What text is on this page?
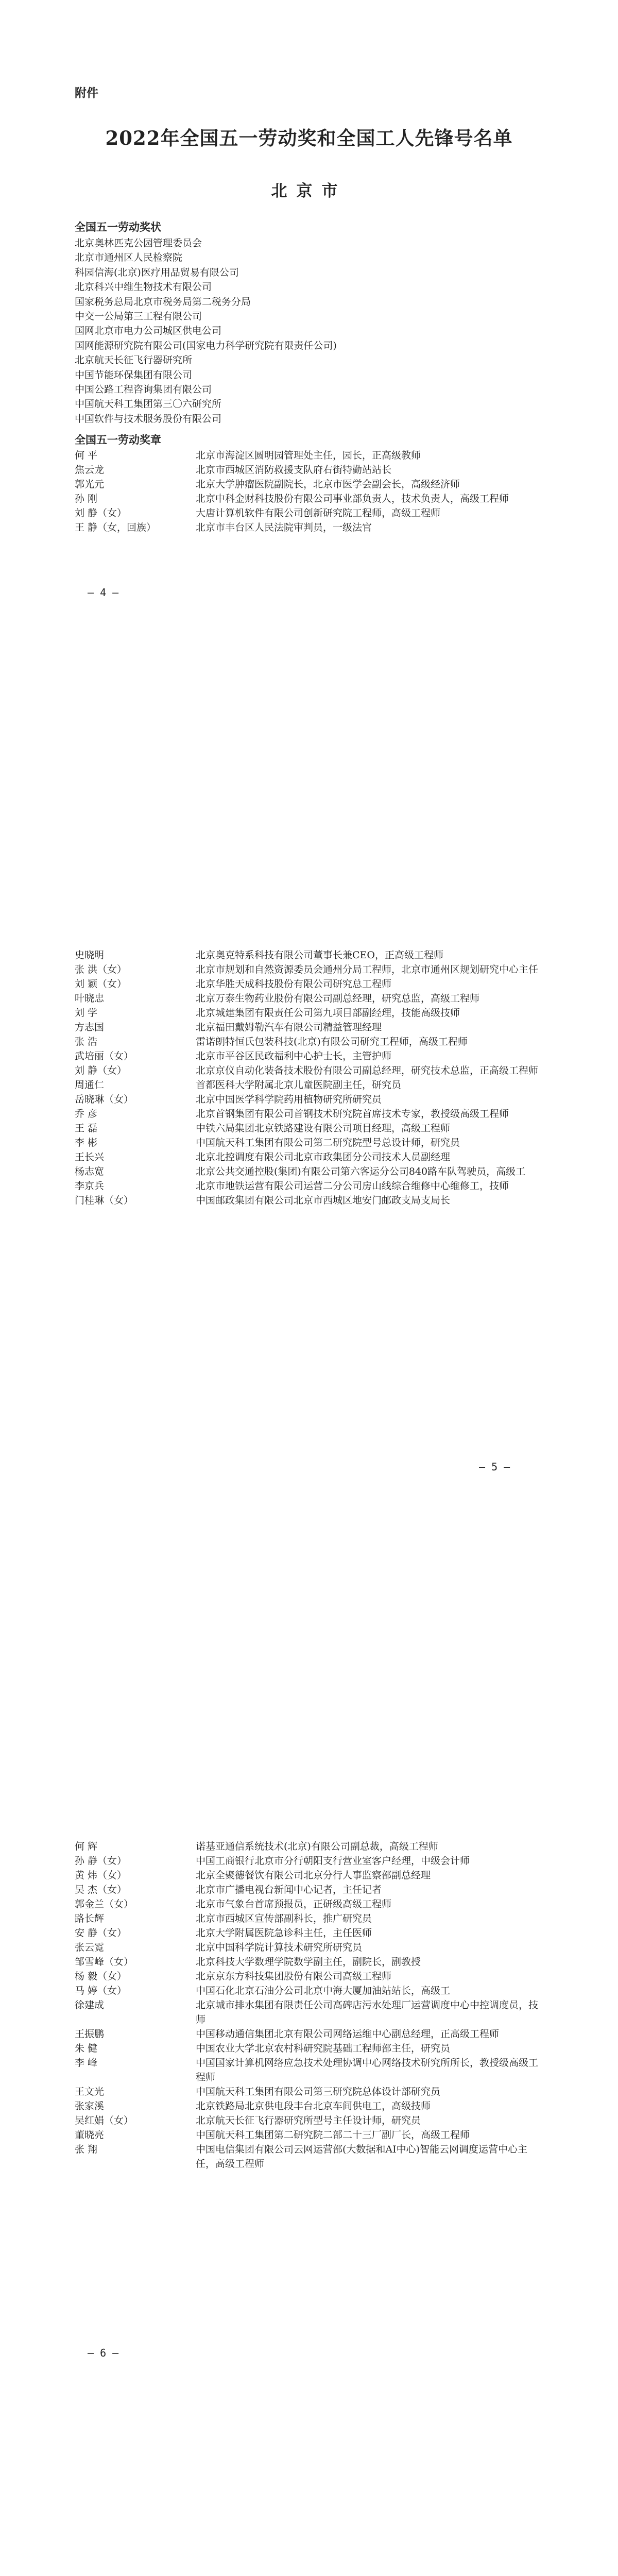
附件
2022年全国五一劳动奖和全国工人先锋号名单
北京市
全国五一劳动奖状
北京奥林匹克公园管理委员会
北京市通州区人民检察院
科园信海(北京)医疗用品贸易有限公司
北京科兴中维生物技术有限公司
国家税务总局北京市税务局第二税务分局
中交一公局第三工程有限公司
国网北京市电力公司城区供电公司
国网能源研究院有限公司(国家电力科学研究院有限责任公司)
北京航天长征飞行器研究所
中国节能环保集团有限公司
中国公路工程咨询集团有限公司
中国航天科工集团第三〇六研究所
中国软件与技术服务股份有限公司
全国五一劳动奖章
何 平	北京市海淀区圆明园管理处主任，园长，正高级教师
焦云龙	北京市西城区消防救援支队府右街特勤站站长
郭光元	北京大学肿瘤医院副院长，北京市医学会副会长，高级经济师
孙 刚	北京中科金财科技股份有限公司事业部负责人，技术负责人，高级工程师
刘 静（女）	大唐计算机软件有限公司创新研究院工程师，高级工程师
王 静（女，回族）	北京市丰台区人民法院审判员，一级法官
— 4 —
史晓明	北京奥克特系科技有限公司董事长兼CEO，正高级工程师
张 洪（女）	北京市规划和自然资源委员会通州分局工程师，北京市通州区规划研究中心主任
刘 颖（女）	北京华胜天成科技股份有限公司研究总工程师
叶晓忠	北京万泰生物药业股份有限公司副总经理，研究总监，高级工程师
刘 学	北京城建集团有限责任公司第九项目部副经理，技能高级技师
方志国	北京福田戴姆勒汽车有限公司精益管理经理
张 浩	雷诺朗特恒氏包装科技(北京)有限公司研究工程师，高级工程师
武培丽（女）	北京市平谷区民政福利中心护士长，主管护师
刘 静（女）	北京京仪自动化装备技术股份有限公司副总经理，研究技术总监，正高级工程师
周通仁	首都医科大学附属北京儿童医院副主任，研究员
岳晓琳（女）	北京中国医学科学院药用植物研究所研究员
乔 彦	北京首钢集团有限公司首钢技术研究院首席技术专家，教授级高级工程师
王 磊	中铁六局集团北京铁路建设有限公司项目经理，高级工程师
李 彬	中国航天科工集团有限公司第二研究院型号总设计师，研究员
王长兴	北京北控调度有限公司北京市政集团分公司技术人员副经理
杨志宽	北京公共交通控股(集团)有限公司第六客运分公司840路车队驾驶员，高级工
李京兵	北京市地铁运营有限公司运营二分公司房山线综合维修中心维修工，技师
门桂琳（女）	中国邮政集团有限公司北京市西城区地安门邮政支局支局长
— 5 —
何 辉	诺基亚通信系统技术(北京)有限公司副总裁，高级工程师
孙 静（女）	中国工商银行北京市分行朝阳支行营业室客户经理，中级会计师
黄 炜（女）	北京全聚德餐饮有限公司北京分行人事监察部副总经理
吴 杰（女）	北京市广播电视台新闻中心记者，主任记者
郭金兰（女）	北京市气象台首席预报员，正研级高级工程师
路长辉	北京市西城区宣传部副科长，推广研究员
安 静（女）	北京大学附属医院急诊科主任，主任医师
张云霓	北京中国科学院计算技术研究所研究员
邹雪峰（女）	北京科技大学数理学院数学副主任，副院长，副教授
杨 毅（女）	北京京东方科技集团股份有限公司高级工程师
马 婷（女）	中国石化北京石油分公司北京中海大厦加油站站长，高级工
徐建成	北京城市排水集团有限责任公司高碑店污水处理厂运营调度中心中控调度员，技师
王振鹏	中国移动通信集团北京有限公司网络运维中心副总经理，正高级工程师
朱 健	中国农业大学北京农村科研究院基础工程师部主任，研究员
李 峰	中国国家计算机网络应急技术处理协调中心网络技术研究所所长，教授级高级工程师
王文光	中国航天科工集团有限公司第三研究院总体设计部研究员
张家溪	北京铁路局北京供电段丰台北京车间供电工，高级技师
吴红娟（女）	北京航天长征飞行器研究所型号主任设计师，研究员
董晓亮	中国航天科工集团第二研究院二部二十三厂副厂长，高级工程师
张 翔	中国电信集团有限公司云网运营部(大数据和AI中心)智能云网调度运营中心主任，高级工程师
— 6 —
